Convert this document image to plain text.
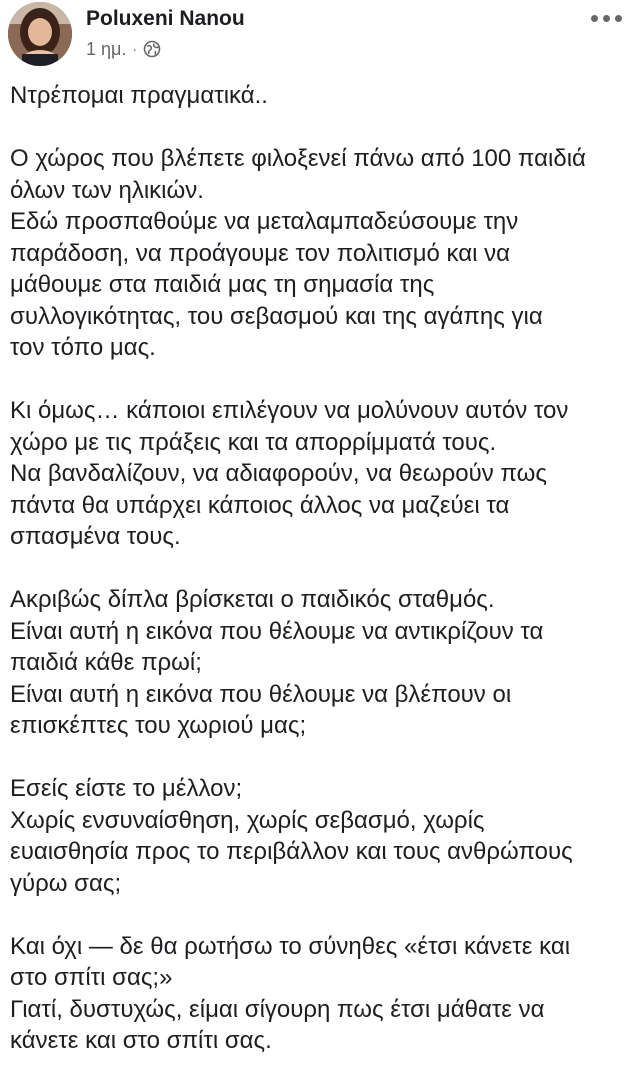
Poluxeni Nanou
1 ημ. ·
Ντρέπομαι πραγματικά..
Ο χώρος που βλέπετε φιλοξενεί πάνω από 100 παιδιά
όλων των ηλικιών.
Εδώ προσπαθούμε να μεταλαμπαδεύσουμε την
παράδοση, να προάγουμε τον πολιτισμό και να
μάθουμε στα παιδιά μας τη σημασία της
συλλογικότητας, του σεβασμού και της αγάπης για
τον τόπο μας.
Κι όμως… κάποιοι επιλέγουν να μολύνουν αυτόν τον
χώρο με τις πράξεις και τα απορρίμματά τους.
Να βανδαλίζουν, να αδιαφορούν, να θεωρούν πως
πάντα θα υπάρχει κάποιος άλλος να μαζεύει τα
σπασμένα τους.
Ακριβώς δίπλα βρίσκεται ο παιδικός σταθμός.
Είναι αυτή η εικόνα που θέλουμε να αντικρίζουν τα
παιδιά κάθε πρωί;
Είναι αυτή η εικόνα που θέλουμε να βλέπουν οι
επισκέπτες του χωριού μας;
Εσείς είστε το μέλλον;
Χωρίς ενσυναίσθηση, χωρίς σεβασμό, χωρίς
ευαισθησία προς το περιβάλλον και τους ανθρώπους
γύρω σας;
Και όχι — δε θα ρωτήσω το σύνηθες «έτσι κάνετε και
στο σπίτι σας;»
Γιατί, δυστυχώς, είμαι σίγουρη πως έτσι μάθατε να
κάνετε και στο σπίτι σας.
